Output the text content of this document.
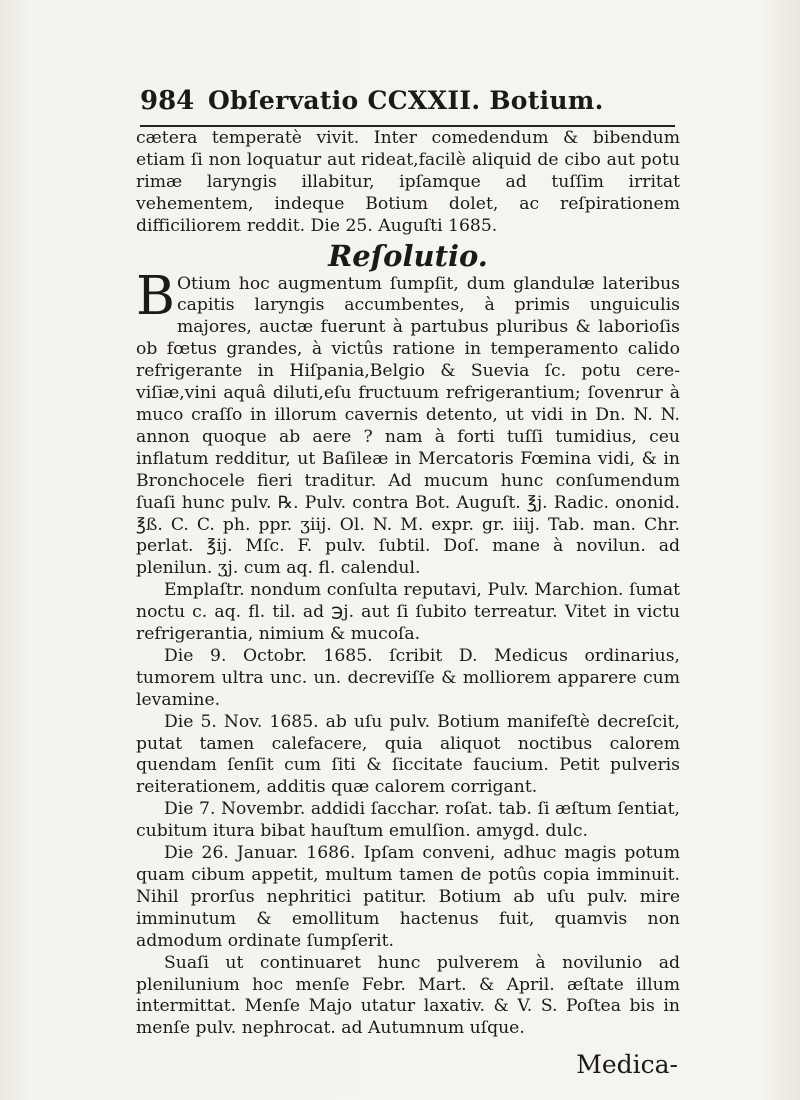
984 Obſervatio CCXXII. Botium.

cætera temperatè vivit. Inter comedendum & bibendum etiam ſi non loquatur aut rideat,facilè aliquid de cibo aut potu rimæ laryngis illabitur, ipſamque ad tuſſim irritat vehementem, indeque Botium dolet, ac reſpirationem difficiliorem reddit. Die 25. Auguſti 1685.

Reſolutio.

B Otium hoc augmentum ſumpſit, dum glandulæ lateribus capitis laryngis accumbentes, à primis unguiculis majores, auctæ fuerunt à partubus pluribus & laborioſis ob fœtus grandes, à victûs ratione in temperamento calido refrigerante in Hiſpania,Belgio & Suevia ſc. potu cereviſiæ,vini aquâ diluti,eſu fructuum refrigerantium; ſovenrur à muco craſſo in illorum cavernis detento, ut vidi in Dn. N. N. annon quoque ab aere ? nam à forti tuſſi tumidius, ceu inflatum redditur, ut Baſileæ in Mercatoris Fœmina vidi, & in Bronchocele fieri traditur. Ad mucum hunc conſumendum ſuaſi hunc pulv. ℞. Pulv. contra Bot. Auguſt. ℥j. Radic. ononid. ℥ß. C. C. ph. ppr. ʒiij. Ol. N. M. expr. gr. iiij. Tab. man. Chr. perlat. ℥ij. Mſc. F. pulv. ſubtil. Doſ. mane à novilun. ad plenilun. ʒj. cum aq. fl. calendul.

Emplaſtr. nondum conſulta reputavi, Pulv. Marchion. ſumat noctu c. aq. fl. til. ad ℈j. aut ſi ſubito terreatur. Vitet in victu refrigerantia, nimium & mucoſa.

Die 9. Octobr. 1685. ſcribit D. Medicus ordinarius, tumorem ultra unc. un. decreviſſe & molliorem apparere cum levamine.

Die 5. Nov. 1685. ab uſu pulv. Botium manifeſtè decreſcit, putat tamen calefacere, quia aliquot noctibus calorem quendam ſenſit cum ſiti & ſiccitate faucium. Petit pulveris reiterationem, additis quæ calorem corrigant.

Die 7. Novembr. addidi ſacchar. roſat. tab. ſi æſtum ſentiat, cubitum itura bibat hauſtum emulſion. amygd. dulc.

Die 26. Januar. 1686. Ipſam conveni, adhuc magis potum quam cibum appetit, multum tamen de potûs copia imminuit. Nihil prorſus nephritici patitur. Botium ab uſu pulv. mire imminutum & emollitum hactenus fuit, quamvis non admodum ordinate ſumpſerit.

Suaſi ut continuaret hunc pulverem à novilunio ad plenilunium hoc menſe Febr. Mart. & April. æſtate illum intermittat. Menſe Majo utatur laxativ. & V. S. Poſtea bis in menſe pulv. nephrocat. ad Autumnum uſque.

Medica-
